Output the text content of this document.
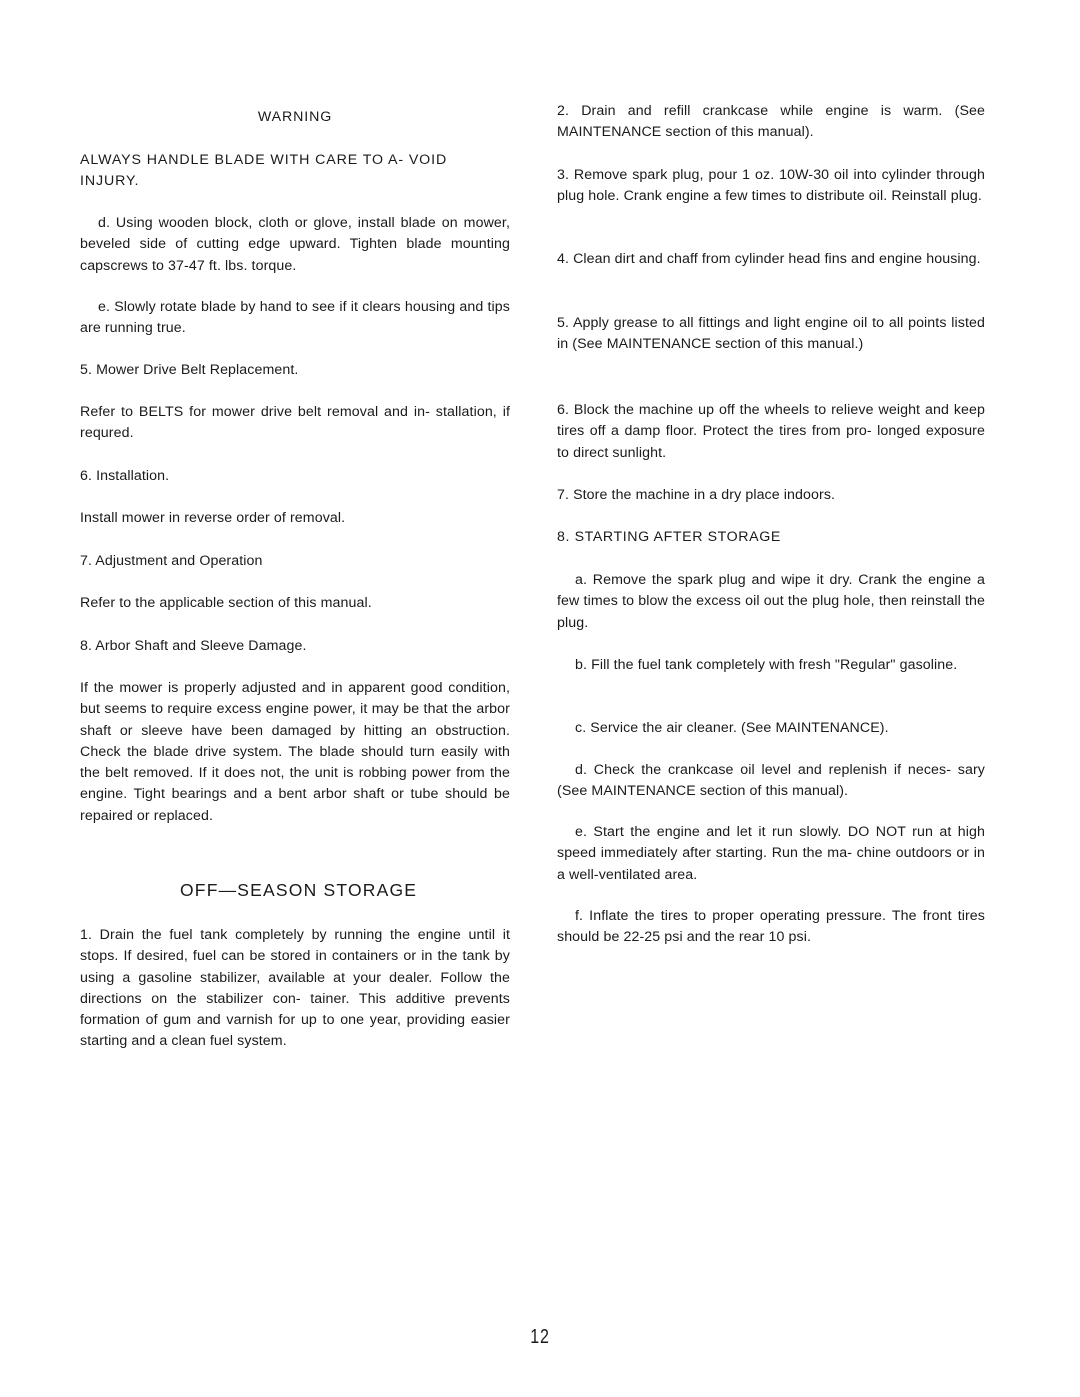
WARNING

ALWAYS HANDLE BLADE WITH CARE TO A- VOID INJURY.

d. Using wooden block, cloth or glove, install blade on mower, beveled side of cutting edge upward. Tighten blade mounting capscrews to 37-47 ft. lbs. torque.

e. Slowly rotate blade by hand to see if it clears housing and tips are running true.

5. Mower Drive Belt Replacement.

Refer to BELTS for mower drive belt removal and in- stallation, if requred.

6. Installation.

Install mower in reverse order of removal.

7. Adjustment and Operation

Refer to the applicable section of this manual.

8. Arbor Shaft and Sleeve Damage.

If the mower is properly adjusted and in apparent good condition, but seems to require excess engine power, it may be that the arbor shaft or sleeve have been damaged by hitting an obstruction. Check the blade drive system. The blade should turn easily with the belt removed. If it does not, the unit is robbing power from the engine. Tight bearings and a bent arbor shaft or tube should be repaired or replaced.

OFF—SEASON STORAGE

1. Drain the fuel tank completely by running the engine until it stops. If desired, fuel can be stored in containers or in the tank by using a gasoline stabilizer, available at your dealer. Follow the directions on the stabilizer con- tainer. This additive prevents formation of gum and varnish for up to one year, providing easier starting and a clean fuel system.

2. Drain and refill crankcase while engine is warm. (See MAINTENANCE section of this manual).

3. Remove spark plug, pour 1 oz. 10W-30 oil into cylinder through plug hole. Crank engine a few times to distribute oil. Reinstall plug.

4. Clean dirt and chaff from cylinder head fins and engine housing.

5. Apply grease to all fittings and light engine oil to all points listed in (See MAINTENANCE section of this manual.)

6. Block the machine up off the wheels to relieve weight and keep tires off a damp floor. Protect the tires from pro- longed exposure to direct sunlight.

7. Store the machine in a dry place indoors.

8. STARTING AFTER STORAGE

a. Remove the spark plug and wipe it dry. Crank the engine a few times to blow the excess oil out the plug hole, then reinstall the plug.

b. Fill the fuel tank completely with fresh "Regular" gasoline.

c. Service the air cleaner. (See MAINTENANCE).

d. Check the crankcase oil level and replenish if neces- sary (See MAINTENANCE section of this manual).

e. Start the engine and let it run slowly. DO NOT run at high speed immediately after starting. Run the ma- chine outdoors or in a well-ventilated area.

f. Inflate the tires to proper operating pressure. The front tires should be 22-25 psi and the rear 10 psi.

12
